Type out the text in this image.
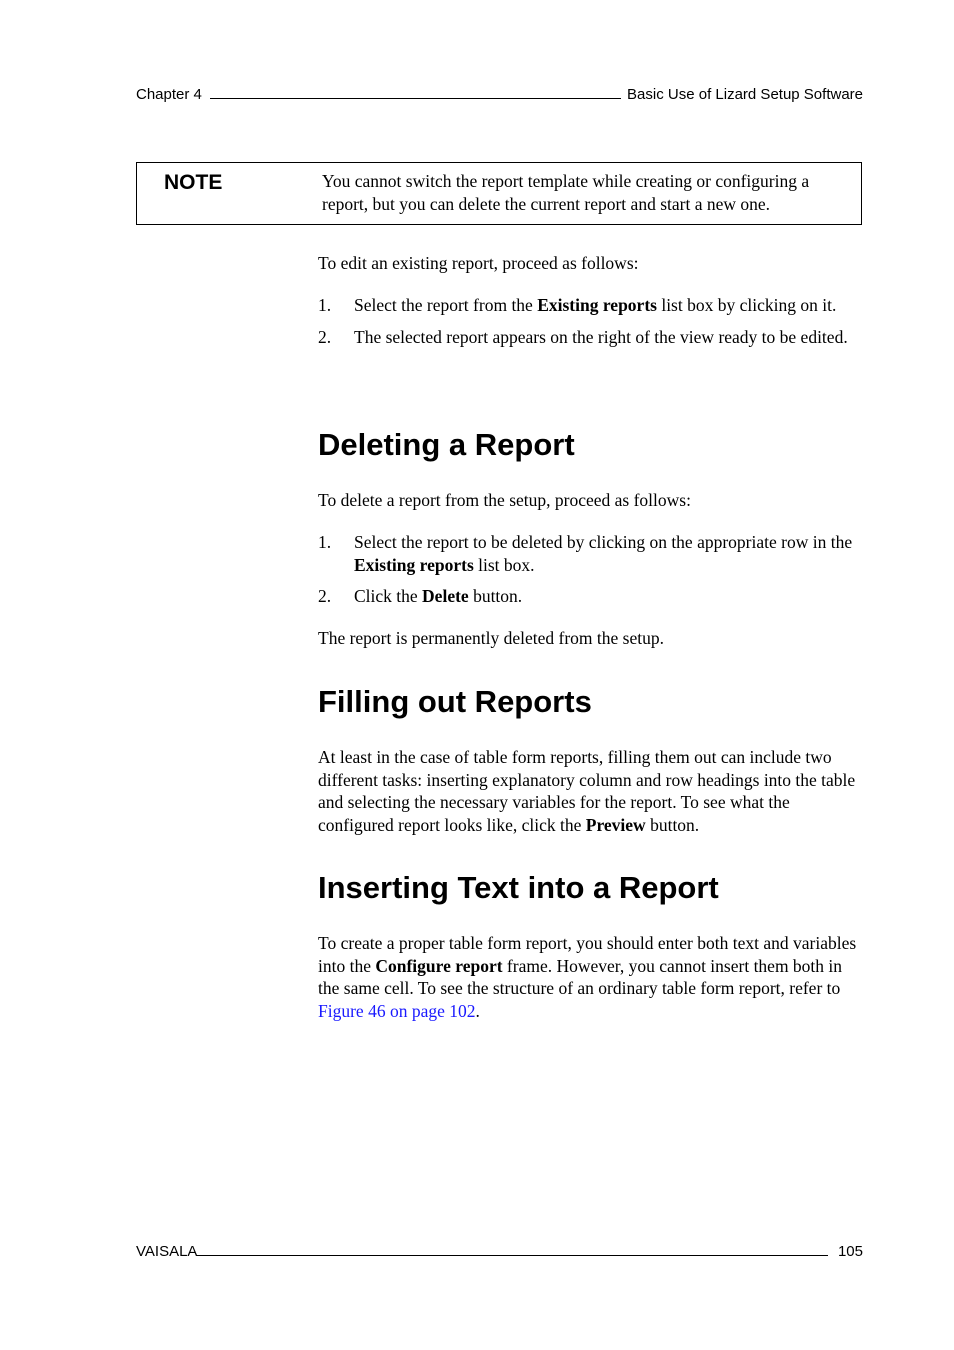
Chapter 4	Basic Use of Lizard Setup Software
NOTE	You cannot switch the report template while creating or configuring a report, but you can delete the current report and start a new one.

To edit an existing report, proceed as follows:

1. Select the report from the Existing reports list box by clicking on it.
2. The selected report appears on the right of the view ready to be edited.
Deleting a Report

To delete a report from the setup, proceed as follows:

1. Select the report to be deleted by clicking on the appropriate row in the Existing reports list box.
2. Click the Delete button.

The report is permanently deleted from the setup.

Filling out Reports

At least in the case of table form reports, filling them out can include two different tasks: inserting explanatory column and row headings into the table and selecting the necessary variables for the report. To see what the configured report looks like, click the Preview button.

Inserting Text into a Report

To create a proper table form report, you should enter both text and variables into the Configure report frame. However, you cannot insert them both in the same cell. To see the structure of an ordinary table form report, refer to Figure 46 on page 102.

VAISALA	105
